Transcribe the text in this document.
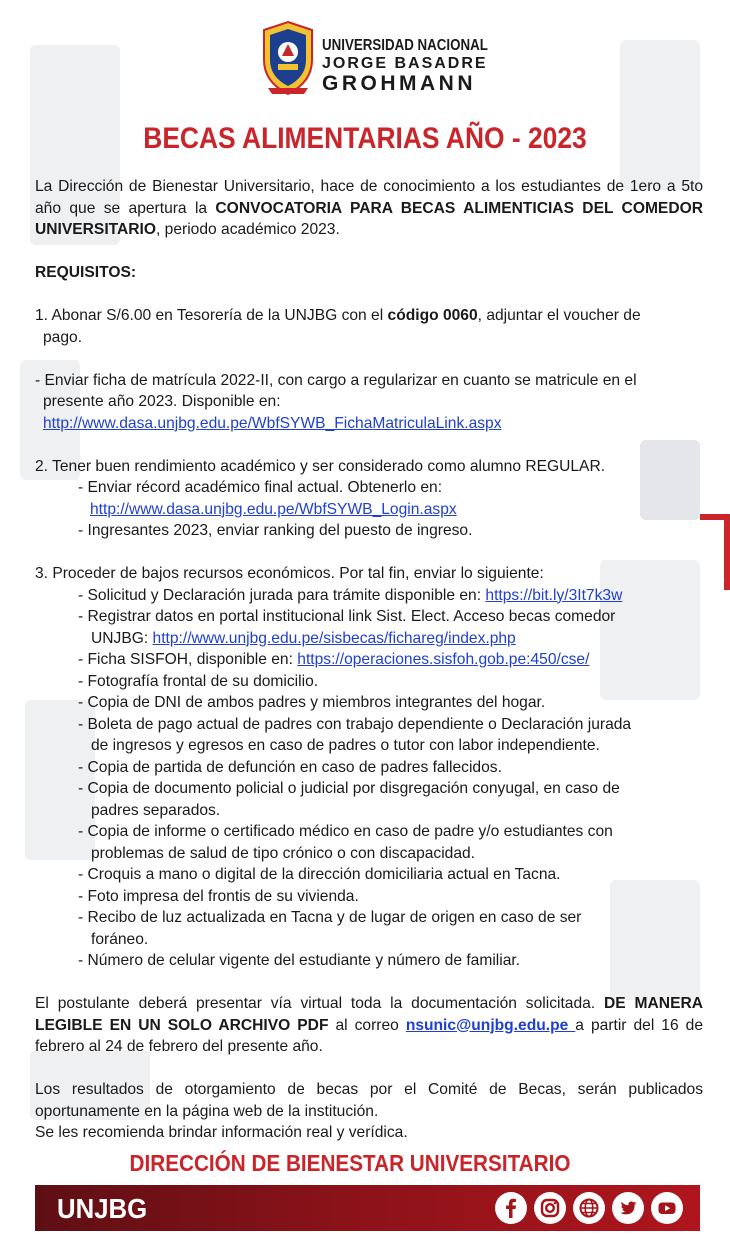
UNIVERSIDAD NACIONAL
JORGE BASADRE
GROHMANN
BECAS ALIMENTARIAS AÑO - 2023

La Dirección de Bienestar Universitario, hace de conocimiento a los estudiantes de 1ero a 5to año que se apertura la CONVOCATORIA PARA BECAS ALIMENTICIAS DEL COMEDOR UNIVERSITARIO, periodo académico 2023.

REQUISITOS:

1. Abonar S/6.00 en Tesorería de la UNJBG con el código 0060, adjuntar el voucher de

pago.

- Enviar ficha de matrícula 2022-II, con cargo a regularizar en cuanto se matricule en el

presente año 2023. Disponible en:

http://www.dasa.unjbg.edu.pe/WbfSYWB_FichaMatriculaLink.aspx

2. Tener buen rendimiento académico y ser considerado como alumno REGULAR.

- Enviar récord académico final actual. Obtenerlo en:

http://www.dasa.unjbg.edu.pe/WbfSYWB_Login.aspx

- Ingresantes 2023, enviar ranking del puesto de ingreso.

3. Proceder de bajos recursos económicos. Por tal fin, enviar lo siguiente:

- Solicitud y Declaración jurada para trámite disponible en: https://bit.ly/3It7k3w

- Registrar datos en portal institucional link Sist. Elect. Acceso becas comedor

UNJBG: http://www.unjbg.edu.pe/sisbecas/fichareg/index.php

- Ficha SISFOH, disponible en: https://operaciones.sisfoh.gob.pe:450/cse/

- Fotografía frontal de su domicilio.

- Copia de DNI de ambos padres y miembros integrantes del hogar.

- Boleta de pago actual de padres con trabajo dependiente o Declaración jurada

de ingresos y egresos en caso de padres o tutor con labor independiente.

- Copia de partida de defunción en caso de padres fallecidos.

- Copia de documento policial o judicial por disgregación conyugal, en caso de

padres separados.

- Copia de informe o certificado médico en caso de padre y/o estudiantes con

problemas de salud de tipo crónico o con discapacidad.

- Croquis a mano o digital de la dirección domiciliaria actual en Tacna.

- Foto impresa del frontis de su vivienda.

- Recibo de luz actualizada en Tacna y de lugar de origen en caso de ser

foráneo.

- Número de celular vigente del estudiante y número de familiar.

El postulante deberá presentar vía virtual toda la documentación solicitada. DE MANERA LEGIBLE EN UN SOLO ARCHIVO PDF al correo nsunic@unjbg.edu.pe a partir del 16 de febrero al 24 de febrero del presente año.

Los resultados de otorgamiento de becas por el Comité de Becas, serán publicados oportunamente en la página web de la institución.

Se les recomienda brindar información real y verídica.

DIRECCIÓN DE BIENESTAR UNIVERSITARIO
UNJBG
